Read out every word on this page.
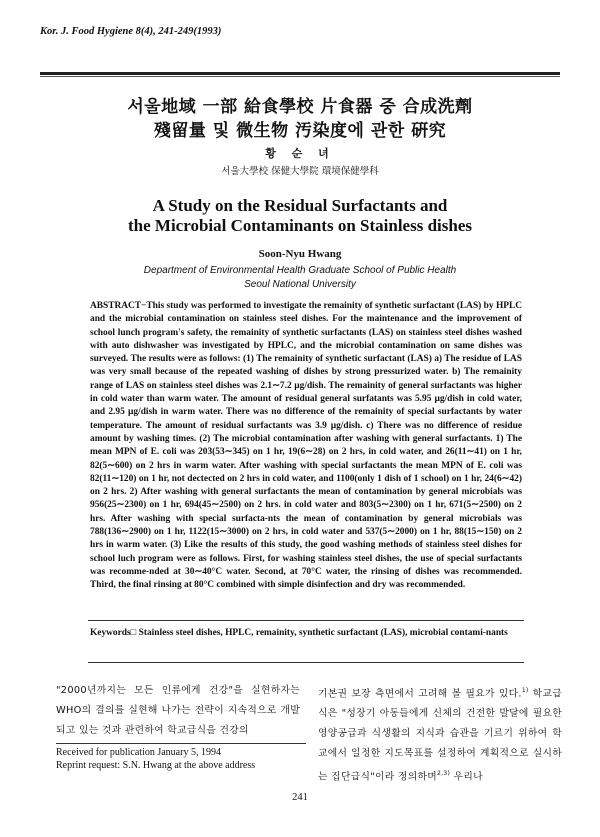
Kor. J. Food Hygiene 8(4), 241-249(1993)
서울地域 一部 給食學校 片食器 중 合成洗劑
殘留量 및 微生物 汚染度에 관한 硏究
황 순 녀
서울大學校 保健大學院 環境保健學科
A Study on the Residual Surfactants and
the Microbial Contaminants on Stainless dishes
Soon-Nyu Hwang
Department of Environmental Health Graduate School of Public Health
Seoul National University
ABSTRACT−This study was performed to investigate the remainity of synthetic surfactant (LAS) by HPLC and the microbial contamination on stainless steel dishes. For the maintenance and the improvement of school lunch program's safety, the remainity of synthetic surfactants (LAS) on stainless steel dishes washed with auto dishwasher was investigated by HPLC, and the microbial contamination on same dishes was surveyed. The results were as follows: (1) The remainity of synthetic surfactant (LAS) a) The residue of LAS was very small because of the repeated washing of dishes by strong pressurized water. b) The remainity range of LAS on stainless steel dishes was 2.1∼7.2 µg/dish. The remainity of general surfactants was higher in cold water than warm water. The amount of residual general surfatants was 5.95 µg/dish in cold water, and 2.95 µg/dish in warm water. There was no difference of the remainity of special surfactants by water temperature. The amount of residual surfactants was 3.9 µg/dish. c) There was no difference of residue amount by washing times. (2) The microbial contamination after washing with general surfactants. 1) The mean MPN of E. coli was 203(53∼345) on 1 hr, 19(6∼28) on 2 hrs, in cold water, and 26(11∼41) on 1 hr, 82(5∼600) on 2 hrs in warm water. After washing with special surfactants the mean MPN of E. coli was 82(11∼120) on 1 hr, not dectected on 2 hrs in cold water, and 1100(only 1 dish of 1 school) on 1 hr, 24(6∼42) on 2 hrs. 2) After washing with general surfactants the mean of contamination by general microbials was 956(25∼2300) on 1 hr, 694(45∼2500) on 2 hrs. in cold water and 803(5∼2300) on 1 hr, 671(5∼2500) on 2 hrs. After washing with special surfacta-nts the mean of contamination by general microbials was 788(136∼2900) on 1 hr, 1122(15∼3000) on 2 hrs, in cold water and 537(5∼2000) on 1 hr, 88(15∼150) on 2 hrs in warm water. (3) Like the results of this study, the good washing methods of stainless steel dishes for school luch program were as follows. First, for washing stainless steel dishes, the use of special surfactants was recomme-nded at 30∼40°C water. Second, at 70°C water, the rinsing of dishes was recommended. Third, the final rinsing at 80°C combined with simple disinfection and dry was recommended.
Keywords□ Stainless steel dishes, HPLC, remainity, synthetic surfactant (LAS), microbial contami-nants
"2000년까지는 모든 인류에게 건강"을 실현하자는 WHO의 결의를 실현해 나가는 전략이 지속적으로 개발되고 있는 것과 관련하여 학교급식을 건강의
기본권 보장 측면에서 고려해 볼 필요가 있다.$^{1)}$ 학교급식은 "성장기 아동들에게 신체의 건전한 발달에 필요한 영양공급과 식생활의 지식과 습관을 기르기 위하여 학교에서 일정한 지도목표를 설정하여 계획적으로 실시하는 집단급식"이라 정의하며$^{2,3)}$ 우리나
Received for publication January 5, 1994
Reprint request: S.N. Hwang at the above address
241
